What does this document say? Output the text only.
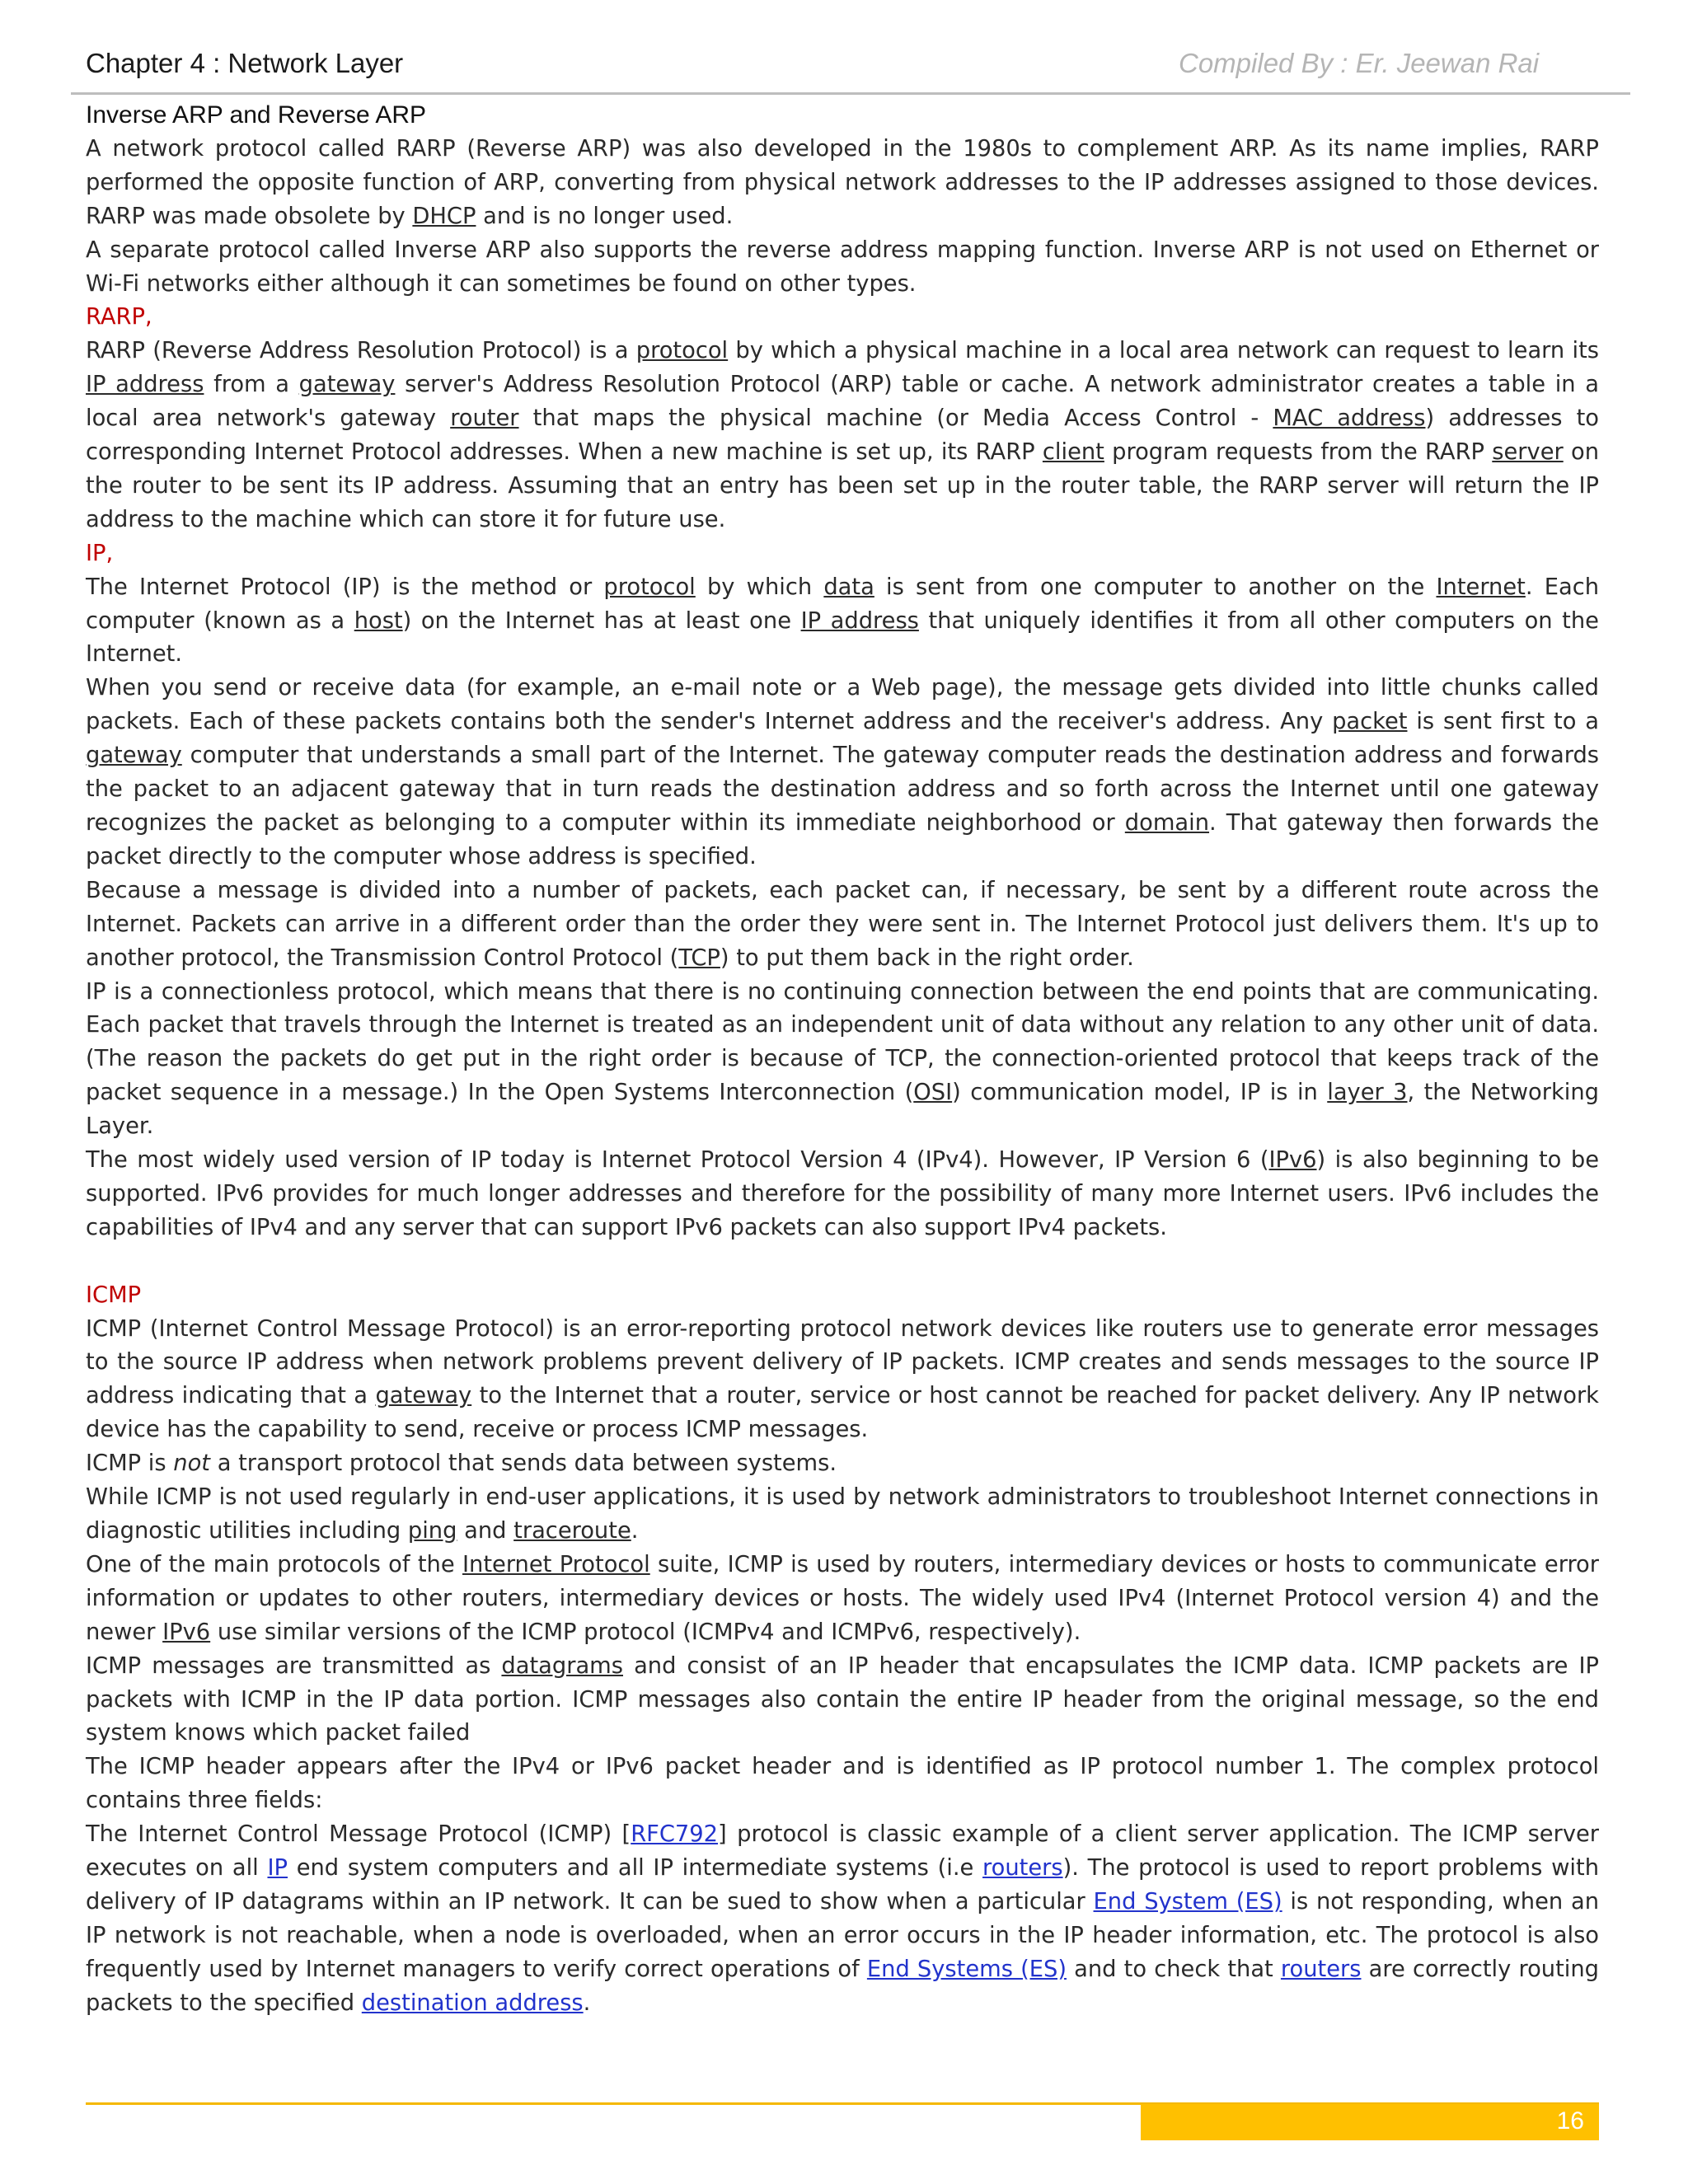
Chapter 4 : Network Layer	Compiled By : Er. Jeewan Rai
Inverse ARP and Reverse ARP

A network protocol called RARP (Reverse ARP) was also developed in the 1980s to complement ARP. As its name implies, RARP performed the opposite function of ARP, converting from physical network addresses to the IP addresses assigned to those devices. RARP was made obsolete by DHCP and is no longer used.

A separate protocol called Inverse ARP also supports the reverse address mapping function. Inverse ARP is not used on Ethernet or Wi-Fi networks either although it can sometimes be found on other types.

RARP,

RARP (Reverse Address Resolution Protocol) is a protocol by which a physical machine in a local area network can request to learn its IP address from a gateway server's Address Resolution Protocol (ARP) table or cache. A network administrator creates a table in a local area network's gateway router that maps the physical machine (or Media Access Control - MAC address) addresses to corresponding Internet Protocol addresses. When a new machine is set up, its RARP client program requests from the RARP server on the router to be sent its IP address. Assuming that an entry has been set up in the router table, the RARP server will return the IP address to the machine which can store it for future use.

IP,

The Internet Protocol (IP) is the method or protocol by which data is sent from one computer to another on the Internet. Each computer (known as a host) on the Internet has at least one IP address that uniquely identifies it from all other computers on the Internet.

When you send or receive data (for example, an e-mail note or a Web page), the message gets divided into little chunks called packets. Each of these packets contains both the sender's Internet address and the receiver's address. Any packet is sent first to a gateway computer that understands a small part of the Internet. The gateway computer reads the destination address and forwards the packet to an adjacent gateway that in turn reads the destination address and so forth across the Internet until one gateway recognizes the packet as belonging to a computer within its immediate neighborhood or domain. That gateway then forwards the packet directly to the computer whose address is specified.

Because a message is divided into a number of packets, each packet can, if necessary, be sent by a different route across the Internet. Packets can arrive in a different order than the order they were sent in. The Internet Protocol just delivers them. It's up to another protocol, the Transmission Control Protocol (TCP) to put them back in the right order.

IP is a connectionless protocol, which means that there is no continuing connection between the end points that are communicating. Each packet that travels through the Internet is treated as an independent unit of data without any relation to any other unit of data. (The reason the packets do get put in the right order is because of TCP, the connection-oriented protocol that keeps track of the packet sequence in a message.) In the Open Systems Interconnection (OSI) communication model, IP is in layer 3, the Networking Layer.

The most widely used version of IP today is Internet Protocol Version 4 (IPv4). However, IP Version 6 (IPv6) is also beginning to be supported. IPv6 provides for much longer addresses and therefore for the possibility of many more Internet users. IPv6 includes the capabilities of IPv4 and any server that can support IPv6 packets can also support IPv4 packets.

ICMP

ICMP (Internet Control Message Protocol) is an error-reporting protocol network devices like routers use to generate error messages to the source IP address when network problems prevent delivery of IP packets. ICMP creates and sends messages to the source IP address indicating that a gateway to the Internet that a router, service or host cannot be reached for packet delivery. Any IP network device has the capability to send, receive or process ICMP messages.

ICMP is not a transport protocol that sends data between systems.

While ICMP is not used regularly in end-user applications, it is used by network administrators to troubleshoot Internet connections in diagnostic utilities including ping and traceroute.

One of the main protocols of the Internet Protocol suite, ICMP is used by routers, intermediary devices or hosts to communicate error information or updates to other routers, intermediary devices or hosts. The widely used IPv4 (Internet Protocol version 4) and the newer IPv6 use similar versions of the ICMP protocol (ICMPv4 and ICMPv6, respectively).

ICMP messages are transmitted as datagrams and consist of an IP header that encapsulates the ICMP data. ICMP packets are IP packets with ICMP in the IP data portion. ICMP messages also contain the entire IP header from the original message, so the end system knows which packet failed

The ICMP header appears after the IPv4 or IPv6 packet header and is identified as IP protocol number 1. The complex protocol contains three fields:

The Internet Control Message Protocol (ICMP) [RFC792] protocol is classic example of a client server application. The ICMP server executes on all IP end system computers and all IP intermediate systems (i.e routers). The protocol is used to report problems with delivery of IP datagrams within an IP network. It can be sued to show when a particular End System (ES) is not responding, when an IP network is not reachable, when a node is overloaded, when an error occurs in the IP header information, etc. The protocol is also frequently used by Internet managers to verify correct operations of End Systems (ES) and to check that routers are correctly routing packets to the specified destination address.

16
